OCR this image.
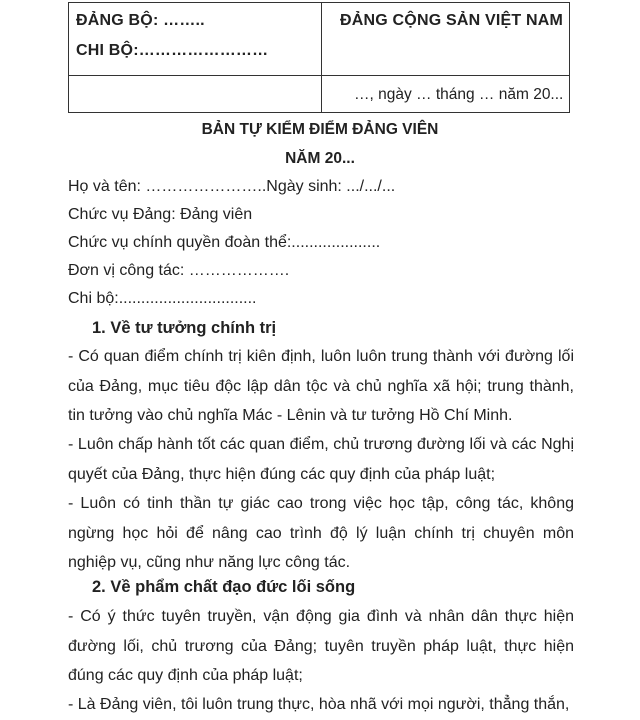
ĐẢNG BỘ: ……..
CHI BỘ:……………………
ĐẢNG CỘNG SẢN VIỆT NAM
…, ngày … tháng … năm 20...
BẢN TỰ KIỂM ĐIỂM ĐẢNG VIÊN
NĂM 20...
Họ và tên: …………………..Ngày sinh: .../.../...
Chức vụ Đảng: Đảng viên
Chức vụ chính quyền đoàn thể:....................
Đơn vị công tác: ……………….
Chi bộ:...............................
1. Về tư tưởng chính trị
- Có quan điểm chính trị kiên định, luôn luôn trung thành với đường lối của Đảng, mục tiêu độc lập dân tộc và chủ nghĩa xã hội; trung thành, tin tưởng vào chủ nghĩa Mác - Lênin và tư tưởng Hồ Chí Minh.
- Luôn chấp hành tốt các quan điểm, chủ trương đường lối và các Nghị quyết của Đảng, thực hiện đúng các quy định của pháp luật;
- Luôn có tinh thần tự giác cao trong việc học tập, công tác, không ngừng học hỏi để nâng cao trình độ lý luận chính trị chuyên môn nghiệp vụ, cũng như năng lực công tác.
2. Về phẩm chất đạo đức lối sống
- Có ý thức tuyên truyền, vận động gia đình và nhân dân thực hiện đường lối, chủ trương của Đảng; tuyên truyền pháp luật, thực hiện đúng các quy định của pháp luật;
- Là Đảng viên, tôi luôn trung thực, hòa nhã với mọi người, thẳng thắn,
